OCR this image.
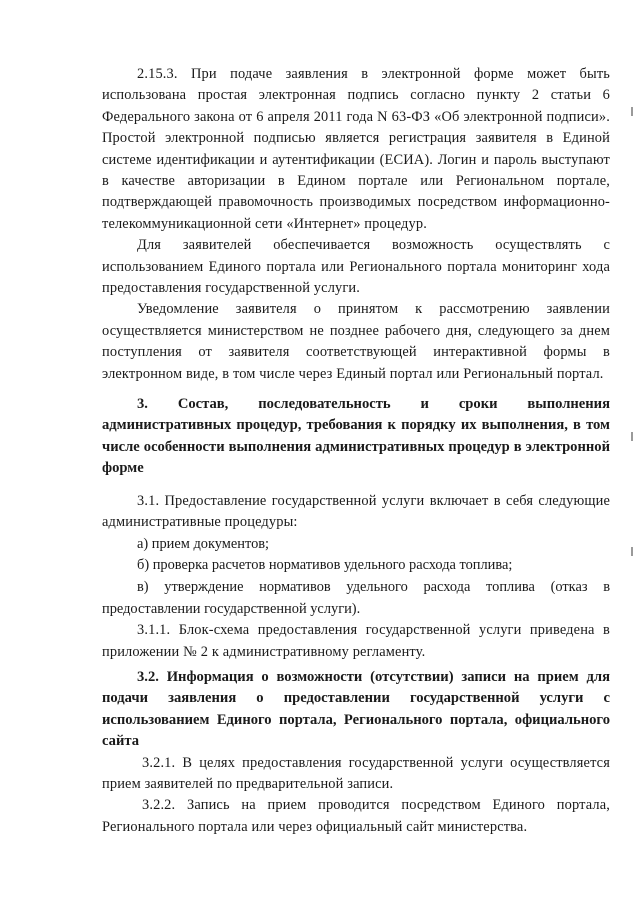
2.15.3. При подаче заявления в электронной форме может быть использована простая электронная подпись согласно пункту 2 статьи 6 Федерального закона от 6 апреля 2011 года N 63-ФЗ «Об электронной подписи». Простой электронной подписью является регистрация заявителя в Единой системе идентификации и аутентификации (ЕСИА). Логин и пароль выступают в качестве авторизации в Едином портале или Региональном портале, подтверждающей правомочность производимых посредством информационно-телекоммуникационной сети «Интернет» процедур.

Для заявителей обеспечивается возможность осуществлять с использованием Единого портала или Регионального портала мониторинг хода предоставления государственной услуги.

Уведомление заявителя о принятом к рассмотрению заявлении осуществляется министерством не позднее рабочего дня, следующего за днем поступления от заявителя соответствующей интерактивной формы в электронном виде, в том числе через Единый портал или Региональный портал.

3. Состав, последовательность и сроки выполнения административных процедур, требования к порядку их выполнения, в том числе особенности выполнения административных процедур в электронной форме

3.1. Предоставление государственной услуги включает в себя следующие административные процедуры:

а) прием документов;

б) проверка расчетов нормативов удельного расхода топлива;

в) утверждение нормативов удельного расхода топлива (отказ в предоставлении государственной услуги).

3.1.1. Блок-схема предоставления государственной услуги приведена в приложении № 2 к административному регламенту.

3.2. Информация о возможности (отсутствии) записи на прием для подачи заявления о предоставлении государственной услуги с использованием Единого портала, Регионального портала, официального сайта

3.2.1. В целях предоставления государственной услуги осуществляется прием заявителей по предварительной записи.

3.2.2. Запись на прием проводится посредством Единого портала, Регионального портала или через официальный сайт министерства.
